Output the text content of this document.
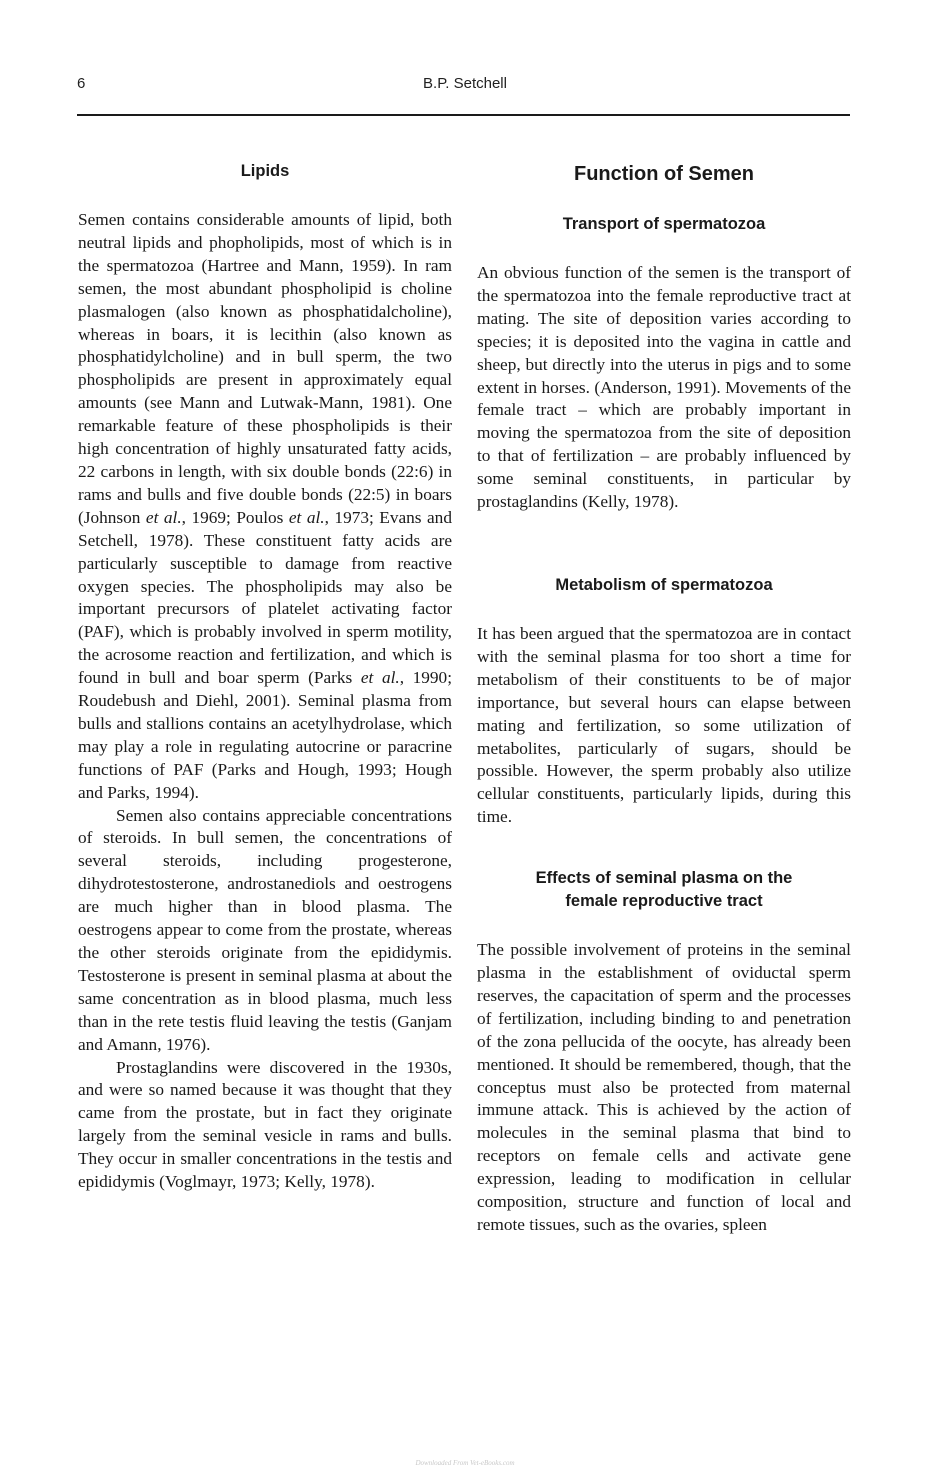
6	B.P. Setchell
Lipids

Semen contains considerable amounts of lipid, both neutral lipids and phopholipids, most of which is in the spermatozoa (Hartree and Mann, 1959). In ram semen, the most abundant phospholipid is choline plasmalogen (also known as phosphatidalcholine), whereas in boars, it is lecithin (also known as phosphatidylcholine) and in bull sperm, the two phospholipids are present in approximately equal amounts (see Mann and Lutwak-Mann, 1981). One remarkable feature of these phospholipids is their high concentration of highly unsaturated fatty acids, 22 carbons in length, with six double bonds (22:6) in rams and bulls and five double bonds (22:5) in boars (Johnson et al., 1969; Poulos et al., 1973; Evans and Setchell, 1978). These constituent fatty acids are particularly susceptible to damage from reactive oxygen species. The phospholipids may also be important precursors of platelet activating factor (PAF), which is probably involved in sperm motility, the acrosome reaction and fertilization, and which is found in bull and boar sperm (Parks et al., 1990; Roudebush and Diehl, 2001). Seminal plasma from bulls and stallions contains an acetylhydrolase, which may play a role in regulating autocrine or paracrine functions of PAF (Parks and Hough, 1993; Hough and Parks, 1994).

Semen also contains appreciable concentrations of steroids. In bull semen, the concentrations of several steroids, including progesterone, dihydrotestosterone, androstanediols and oestrogens are much higher than in blood plasma. The oestrogens appear to come from the prostate, whereas the other steroids originate from the epididymis. Testosterone is present in seminal plasma at about the same concentration as in blood plasma, much less than in the rete testis fluid leaving the testis (Ganjam and Amann, 1976).

Prostaglandins were discovered in the 1930s, and were so named because it was thought that they came from the prostate, but in fact they originate largely from the seminal vesicle in rams and bulls. They occur in smaller concentrations in the testis and epididymis (Voglmayr, 1973; Kelly, 1978).

Function of Semen
Transport of spermatozoa

An obvious function of the semen is the transport of the spermatozoa into the female reproductive tract at mating. The site of deposition varies according to species; it is deposited into the vagina in cattle and sheep, but directly into the uterus in pigs and to some extent in horses. (Anderson, 1991). Movements of the female tract – which are probably important in moving the spermatozoa from the site of deposition to that of fertilization – are probably influenced by some seminal constituents, in particular by prostaglandins (Kelly, 1978).

Metabolism of spermatozoa

It has been argued that the spermatozoa are in contact with the seminal plasma for too short a time for metabolism of their constituents to be of major importance, but several hours can elapse between mating and fertilization, so some utilization of metabolites, particularly of sugars, should be possible. However, the sperm probably also utilize cellular constituents, particularly lipids, during this time.

Effects of seminal plasma on the
female reproductive tract

The possible involvement of proteins in the seminal plasma in the establishment of oviductal sperm reserves, the capacitation of sperm and the processes of fertilization, including binding to and penetration of the zona pellucida of the oocyte, has already been mentioned. It should be remembered, though, that the conceptus must also be protected from maternal immune attack. This is achieved by the action of molecules in the seminal plasma that bind to receptors on female cells and activate gene expression, leading to modification in cellular composition, structure and function of local and remote tissues, such as the ovaries, spleen

Downloaded From Vet-eBooks.com
